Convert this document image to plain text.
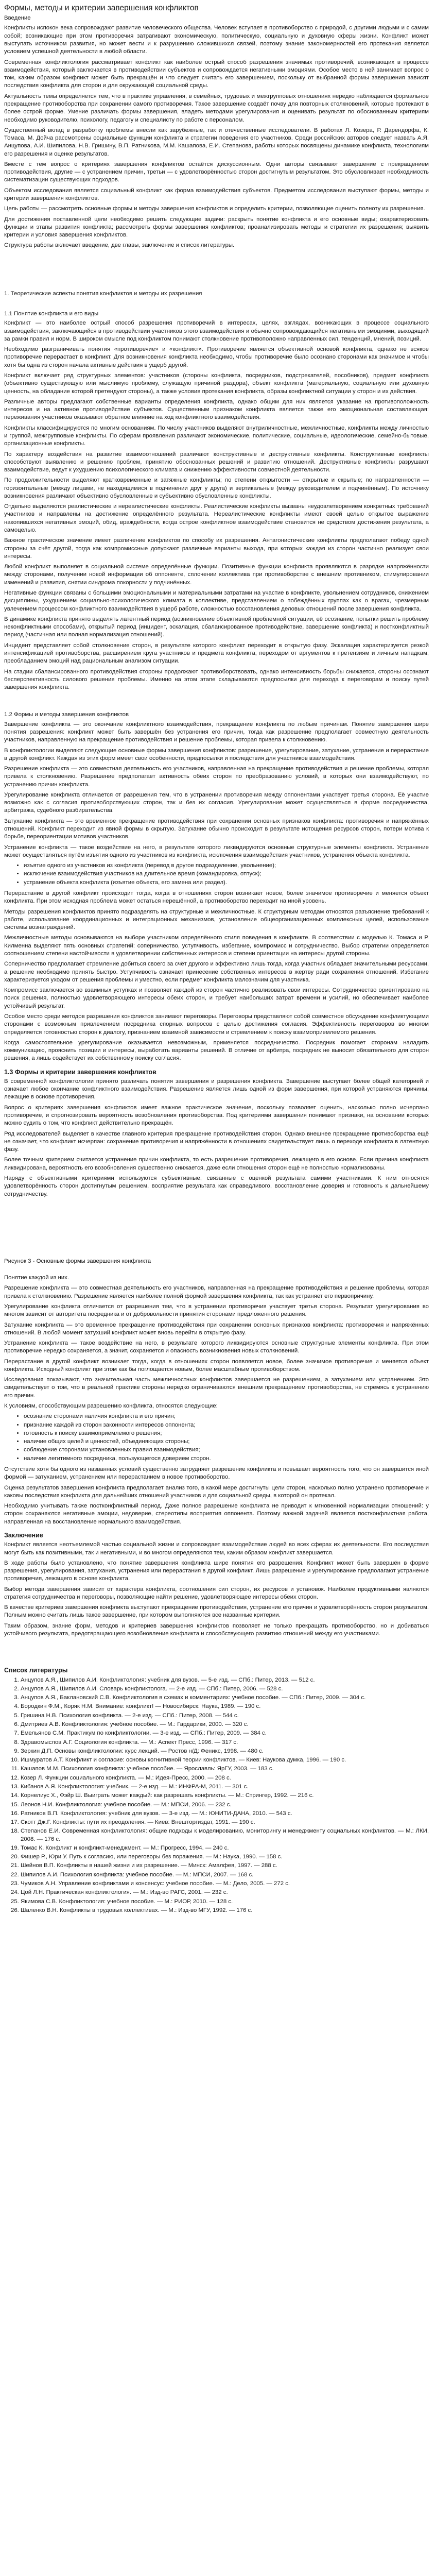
Формы, методы и критерии завершения конфликтов
Введение

Конфликты испокон века сопровождают развитие человеческого общества. Человек вступает в противоборство с природой, с другими людьми и с самим собой; возникающие при этом противоречия затрагивают экономическую, политическую, социальную и духовную сферы жизни. Конфликт может выступать источником развития, но может вести и к разрушению сложившихся связей, поэтому знание закономерностей его протекания является условием успешной деятельности в любой области.

Современная конфликтология рассматривает конфликт как наиболее острый способ разрешения значимых противоречий, возникающих в процессе взаимодействия, который заключается в противодействии субъектов и сопровождается негативными эмоциями. Особое место в ней занимает вопрос о том, каким образом конфликт может быть прекращён и что следует считать его завершением, поскольку от выбранной формы завершения зависят последствия конфликта для сторон и для окружающей социальной среды.

Актуальность темы определяется тем, что в практике управления, в семейных, трудовых и межгрупповых отношениях нередко наблюдается формальное прекращение противоборства при сохранении самого противоречия. Такое завершение создаёт почву для повторных столкновений, которые протекают в более острой форме. Умение различать формы завершения, владеть методами урегулирования и оценивать результат по обоснованным критериям необходимо руководителю, психологу, педагогу и специалисту по работе с персоналом.

Существенный вклад в разработку проблемы внесли как зарубежные, так и отечественные исследователи. В работах Л. Козера, Р. Дарендорфа, К. Томаса, М. Дойча рассмотрены социальные функции конфликта и стратегии поведения его участников. Среди российских авторов следует назвать А.Я. Анцупова, А.И. Шипилова, Н.В. Гришину, В.П. Ратникова, М.М. Кашапова, Е.И. Степанова, работы которых посвящены динамике конфликта, технологиям его разрешения и оценке результатов.

Вместе с тем вопрос о критериях завершения конфликтов остаётся дискуссионным. Одни авторы связывают завершение с прекращением противодействия, другие — с устранением причин, третьи — с удовлетворённостью сторон достигнутым результатом. Это обусловливает необходимость систематизации существующих подходов.

Объектом исследования является социальный конфликт как форма взаимодействия субъектов. Предметом исследования выступают формы, методы и критерии завершения конфликтов.

Цель работы — рассмотреть основные формы и методы завершения конфликтов и определить критерии, позволяющие оценить полноту их разрешения.

Для достижения поставленной цели необходимо решить следующие задачи: раскрыть понятие конфликта и его основные виды; охарактеризовать функции и этапы развития конфликта; рассмотреть формы завершения конфликтов; проанализировать методы и стратегии их разрешения; выявить критерии и условия завершения конфликтов.

Структура работы включает введение, две главы, заключение и список литературы.

1. Теоретические аспекты понятия конфликтов и методы их разрешения
1.1 Понятие конфликта и его виды

Конфликт — это наиболее острый способ разрешения противоречий в интересах, целях, взглядах, возникающих в процессе социального взаимодействия, заключающийся в противодействии участников этого взаимодействия и обычно сопровождающийся негативными эмоциями, выходящий за рамки правил и норм. В широком смысле под конфликтом понимают столкновение противоположно направленных сил, тенденций, мнений, позиций.

Необходимо разграничивать понятия «противоречие» и «конфликт». Противоречие является объективной основой конфликта, однако не всякое противоречие перерастает в конфликт. Для возникновения конфликта необходимо, чтобы противоречие было осознано сторонами как значимое и чтобы хотя бы одна из сторон начала активные действия в ущерб другой.

Конфликт включает ряд структурных элементов: участников (стороны конфликта, посредников, подстрекателей, пособников), предмет конфликта (объективно существующую или мыслимую проблему, служащую причиной раздора), объект конфликта (материальную, социальную или духовную ценность, на обладание которой претендуют стороны), а также условия протекания конфликта, образы конфликтной ситуации у сторон и их действия.

Различные авторы предлагают собственные варианты определения конфликта, однако общим для них является указание на противоположность интересов и на активное противодействие субъектов. Существенным признаком конфликта является также его эмоциональная составляющая: переживания участников оказывают обратное влияние на ход конфликтного взаимодействия.

Конфликты классифицируются по многим основаниям. По числу участников выделяют внутриличностные, межличностные, конфликты между личностью и группой, межгрупповые конфликты. По сферам проявления различают экономические, политические, социальные, идеологические, семейно-бытовые, организационные конфликты.

По характеру воздействия на развитие взаимоотношений различают конструктивные и деструктивные конфликты. Конструктивные конфликты способствуют выявлению и решению проблем, принятию обоснованных решений и развитию отношений. Деструктивные конфликты разрушают взаимодействие, ведут к ухудшению психологического климата и снижению эффективности совместной деятельности.

По продолжительности выделяют кратковременные и затяжные конфликты; по степени открытости — открытые и скрытые; по направленности — горизонтальные (между лицами, не находящимися в подчинении друг у друга) и вертикальные (между руководителем и подчинённым). По источнику возникновения различают объективно обусловленные и субъективно обусловленные конфликты.

Отдельно выделяются реалистические и нереалистические конфликты. Реалистические конфликты вызваны неудовлетворением конкретных требований участников и направлены на достижение определённого результата. Нереалистические конфликты имеют своей целью открытое выражение накопившихся негативных эмоций, обид, враждебности, когда острое конфликтное взаимодействие становится не средством достижения результата, а самоцелью.

Важное практическое значение имеет различение конфликтов по способу их разрешения. Антагонистические конфликты предполагают победу одной стороны за счёт другой, тогда как компромиссные допускают различные варианты выхода, при которых каждая из сторон частично реализует свои интересы.

Любой конфликт выполняет в социальной системе определённые функции. Позитивные функции конфликта проявляются в разрядке напряжённости между сторонами, получении новой информации об оппоненте, сплочении коллектива при противоборстве с внешним противником, стимулировании изменений и развития, снятии синдрома покорности у подчинённых.

Негативные функции связаны с большими эмоциональными и материальными затратами на участие в конфликте, увольнением сотрудников, снижением дисциплины, ухудшением социально-психологического климата в коллективе, представлением о побеждённых группах как о врагах, чрезмерным увлечением процессом конфликтного взаимодействия в ущерб работе, сложностью восстановления деловых отношений после завершения конфликта.

В динамике конфликта принято выделять латентный период (возникновение объективной проблемной ситуации, её осознание, попытки решить проблему неконфликтными способами), открытый период (инцидент, эскалация, сбалансированное противодействие, завершение конфликта) и постконфликтный период (частичная или полная нормализация отношений).

Инцидент представляет собой столкновение сторон, в результате которого конфликт переходит в открытую фазу. Эскалация характеризуется резкой интенсификацией противоборства, расширением круга участников и предмета конфликта, переходом от аргументов к претензиям и личным нападкам, преобладанием эмоций над рациональным анализом ситуации.

На стадии сбалансированного противодействия стороны продолжают противоборствовать, однако интенсивность борьбы снижается, стороны осознают бесперспективность силового решения проблемы. Именно на этом этапе складываются предпосылки для перехода к переговорам и поиску путей завершения конфликта.

1.2 Формы и методы завершения конфликтов

Завершение конфликта — это окончание конфликтного взаимодействия, прекращение конфликта по любым причинам. Понятие завершения шире понятия разрешения: конфликт может быть завершён без устранения его причин, тогда как разрешение предполагает совместную деятельность участников, направленную на прекращение противодействия и решение проблемы, которая привела к столкновению.

В конфликтологии выделяют следующие основные формы завершения конфликтов: разрешение, урегулирование, затухание, устранение и перерастание в другой конфликт. Каждая из этих форм имеет свои особенности, предпосылки и последствия для участников взаимодействия.

Разрешение конфликта — это совместная деятельность его участников, направленная на прекращение противодействия и решение проблемы, которая привела к столкновению. Разрешение предполагает активность обеих сторон по преобразованию условий, в которых они взаимодействуют, по устранению причин конфликта.

Урегулирование конфликта отличается от разрешения тем, что в устранении противоречия между оппонентами участвует третья сторона. Её участие возможно как с согласия противоборствующих сторон, так и без их согласия. Урегулирование может осуществляться в форме посредничества, арбитража, судебного разбирательства.

Затухание конфликта — это временное прекращение противодействия при сохранении основных признаков конфликта: противоречия и напряжённых отношений. Конфликт переходит из явной формы в скрытую. Затухание обычно происходит в результате истощения ресурсов сторон, потери мотива к борьбе, переориентации мотивов участников.

Устранение конфликта — такое воздействие на него, в результате которого ликвидируются основные структурные элементы конфликта. Устранение может осуществляться путём изъятия одного из участников из конфликта, исключения взаимодействия участников, устранения объекта конфликта.

• изъятие одного из участников из конфликта (перевод в другое подразделение, увольнение);
• исключение взаимодействия участников на длительное время (командировка, отпуск);
• устранение объекта конфликта (изъятие объекта, его замена или раздел).

Перерастание в другой конфликт происходит тогда, когда в отношениях сторон возникает новое, более значимое противоречие и меняется объект конфликта. При этом исходная проблема может остаться нерешённой, а противоборство переходит на иной уровень.

Методы разрешения конфликтов принято подразделять на структурные и межличностные. К структурным методам относятся разъяснение требований к работе, использование координационных и интеграционных механизмов, установление общеорганизационных комплексных целей, использование системы вознаграждений.

Межличностные методы основываются на выборе участником определённого стиля поведения в конфликте. В соответствии с моделью К. Томаса и Р. Килменна выделяют пять основных стратегий: соперничество, уступчивость, избегание, компромисс и сотрудничество. Выбор стратегии определяется соотношением степени настойчивости в удовлетворении собственных интересов и степени ориентации на интересы другой стороны.

Соперничество предполагает стремление добиться своего за счёт другого и эффективно лишь тогда, когда участник обладает значительными ресурсами, а решение необходимо принять быстро. Уступчивость означает принесение собственных интересов в жертву ради сохранения отношений. Избегание характеризуется уходом от решения проблемы и уместно, если предмет конфликта малозначим для участника.

Компромисс заключается во взаимных уступках и позволяет каждой из сторон частично реализовать свои интересы. Сотрудничество ориентировано на поиск решения, полностью удовлетворяющего интересы обеих сторон, и требует наибольших затрат времени и усилий, но обеспечивает наиболее устойчивый результат.

Особое место среди методов разрешения конфликтов занимают переговоры. Переговоры представляют собой совместное обсуждение конфликтующими сторонами с возможным привлечением посредника спорных вопросов с целью достижения согласия. Эффективность переговоров во многом определяется готовностью сторон к диалогу, признанием взаимной зависимости и стремлением к поиску взаимоприемлемого решения.

Когда самостоятельное урегулирование оказывается невозможным, применяется посредничество. Посредник помогает сторонам наладить коммуникацию, прояснить позиции и интересы, выработать варианты решений. В отличие от арбитра, посредник не выносит обязательного для сторон решения, а лишь содействует их собственному поиску согласия.

1.3 Формы и критерии завершения конфликтов

В современной конфликтологии принято различать понятия завершения и разрешения конфликта. Завершение выступает более общей категорией и означает любое окончание конфликтного взаимодействия. Разрешение является лишь одной из форм завершения, при которой устраняются причины, лежащие в основе противоречия.

Вопрос о критериях завершения конфликтов имеет важное практическое значение, поскольку позволяет оценить, насколько полно исчерпано противоречие, и спрогнозировать вероятность возобновления противоборства. Под критериями завершения понимают признаки, на основании которых можно судить о том, что конфликт действительно прекращён.

Ряд исследователей выделяет в качестве главного критерия прекращение противодействия сторон. Однако внешнее прекращение противоборства ещё не означает, что конфликт исчерпан: сохранение противоречия и напряжённости в отношениях свидетельствует лишь о переходе конфликта в латентную фазу.

Более точным критерием считается устранение причин конфликта, то есть разрешение противоречия, лежащего в его основе. Если причина конфликта ликвидирована, вероятность его возобновления существенно снижается, даже если отношения сторон ещё не полностью нормализованы.

Наряду с объективными критериями используются субъективные, связанные с оценкой результата самими участниками. К ним относятся удовлетворённость сторон достигнутым решением, восприятие результата как справедливого, восстановление доверия и готовность к дальнейшему сотрудничеству.

Рисунок 3 - Основные формы завершения конфликта

Понятие каждой из них.

Разрешение конфликта — это совместная деятельность его участников, направленная на прекращение противодействия и решение проблемы, которая привела к столкновению. Разрешение является наиболее полной формой завершения конфликта, так как устраняет его первопричину.

Урегулирование конфликта отличается от разрешения тем, что в устранении противоречия участвует третья сторона. Результат урегулирования во многом зависит от авторитета посредника и от добровольности принятия сторонами предложенного решения.

Затухание конфликта — это временное прекращение противодействия при сохранении основных признаков конфликта: противоречия и напряжённых отношений. В любой момент затухший конфликт может вновь перейти в открытую фазу.

Устранение конфликта — такое воздействие на него, в результате которого ликвидируются основные структурные элементы конфликта. При этом противоречие нередко сохраняется, а значит, сохраняется и опасность возникновения новых столкновений.

Перерастание в другой конфликт возникает тогда, когда в отношениях сторон появляется новое, более значимое противоречие и меняется объект конфликта. Исходный конфликт при этом как бы поглощается новым, более масштабным противоборством.

Исследования показывают, что значительная часть межличностных конфликтов завершается не разрешением, а затуханием или устранением. Это свидетельствует о том, что в реальной практике стороны нередко ограничиваются внешним прекращением противоборства, не стремясь к устранению его причин.

К условиям, способствующим разрешению конфликта, относятся следующие:

• осознание сторонами наличия конфликта и его причин;
• признание каждой из сторон законности интересов оппонента;
• готовность к поиску взаимоприемлемого решения;
• наличие общих целей и ценностей, объединяющих стороны;
• соблюдение сторонами установленных правил взаимодействия;
• наличие легитимного посредника, пользующегося доверием сторон.

Отсутствие хотя бы одного из названных условий существенно затрудняет разрешение конфликта и повышает вероятность того, что он завершится иной формой — затуханием, устранением или перерастанием в новое противоборство.

Оценка результатов завершения конфликта предполагает анализ того, в какой мере достигнуты цели сторон, насколько полно устранено противоречие и каковы последствия конфликта для дальнейших отношений участников и для социальной среды, в которой он протекал.

Необходимо учитывать также постконфликтный период. Даже полное разрешение конфликта не приводит к мгновенной нормализации отношений: у сторон сохраняются негативные эмоции, недоверие, стереотипы восприятия оппонента. Поэтому важной задачей является постконфликтная работа, направленная на восстановление нормального взаимодействия.

Заключение

Конфликт является неотъемлемой частью социальной жизни и сопровождает взаимодействие людей во всех сферах их деятельности. Его последствия могут быть как позитивными, так и негативными, и во многом определяются тем, каким образом конфликт завершается.

В ходе работы было установлено, что понятие завершения конфликта шире понятия его разрешения. Конфликт может быть завершён в форме разрешения, урегулирования, затухания, устранения или перерастания в другой конфликт. Лишь разрешение и урегулирование предполагают устранение противоречия, лежащего в основе конфликта.

Выбор метода завершения зависит от характера конфликта, соотношения сил сторон, их ресурсов и установок. Наиболее продуктивными являются стратегия сотрудничества и переговоры, позволяющие найти решение, удовлетворяющее интересы обеих сторон.

В качестве критериев завершения конфликта выступают прекращение противодействия, устранение его причин и удовлетворённость сторон результатом. Полным можно считать лишь такое завершение, при котором выполняются все названные критерии.

Таким образом, знание форм, методов и критериев завершения конфликтов позволяет не только прекращать противоборство, но и добиваться устойчивого результата, предотвращающего возобновление конфликта и способствующего развитию отношений между его участниками.

Список литературы
1. Анцупов А.Я., Шипилов А.И. Конфликтология: учебник для вузов. — 5-е изд. — СПб.: Питер, 2013. — 512 с.
2. Анцупов А.Я., Шипилов А.И. Словарь конфликтолога. — 2-е изд. — СПб.: Питер, 2006. — 528 с.
3. Анцупов А.Я., Баклановский С.В. Конфликтология в схемах и комментариях: учебное пособие. — СПб.: Питер, 2009. — 304 с.
4. Бородкин Ф.М., Коряк Н.М. Внимание: конфликт! — Новосибирск: Наука, 1989. — 190 с.
5. Гришина Н.В. Психология конфликта. — 2-е изд. — СПб.: Питер, 2008. — 544 с.
6. Дмитриев А.В. Конфликтология: учебное пособие. — М.: Гардарики, 2000. — 320 с.
7. Емельянов С.М. Практикум по конфликтологии. — 3-е изд. — СПб.: Питер, 2009. — 384 с.
8. Здравомыслов А.Г. Социология конфликта. — М.: Аспект Пресс, 1996. — 317 с.
9. Зеркин Д.П. Основы конфликтологии: курс лекций. — Ростов н/Д: Феникс, 1998. — 480 с.
10. Ишмуратов А.Т. Конфликт и согласие: основы когнитивной теории конфликтов. — Киев: Наукова думка, 1996. — 190 с.
11. Кашапов М.М. Психология конфликта: учебное пособие. — Ярославль: ЯрГУ, 2003. — 183 с.
12. Козер Л. Функции социального конфликта. — М.: Идея-Пресс, 2000. — 208 с.
13. Кибанов А.Я. Конфликтология: учебник. — 2-е изд. — М.: ИНФРА-М, 2011. — 301 с.
14. Корнелиус Х., Фэйр Ш. Выиграть может каждый: как разрешать конфликты. — М.: Стрингер, 1992. — 216 с.
15. Леонов Н.И. Конфликтология: учебное пособие. — М.: МПСИ, 2006. — 232 с.
16. Ратников В.П. Конфликтология: учебник для вузов. — 3-е изд. — М.: ЮНИТИ-ДАНА, 2010. — 543 с.
17. Скотт Дж.Г. Конфликты: пути их преодоления. — Киев: Внешторгиздат, 1991. — 190 с.
18. Степанов Е.И. Современная конфликтология: общие подходы к моделированию, мониторингу и менеджменту социальных конфликтов. — М.: ЛКИ, 2008. — 176 с.
19. Томас К. Конфликт и конфликт-менеджмент. — М.: Прогресс, 1994. — 240 с.
20. Фишер Р., Юри У. Путь к согласию, или переговоры без поражения. — М.: Наука, 1990. — 158 с.
21. Шейнов В.П. Конфликты в нашей жизни и их разрешение. — Минск: Амалфея, 1997. — 288 с.
22. Шипилов А.И. Психология конфликта: учебное пособие. — М.: МПСИ, 2007. — 168 с.
23. Чумиков А.Н. Управление конфликтами и консенсус: учебное пособие. — М.: Дело, 2005. — 272 с.
24. Цой Л.Н. Практическая конфликтология. — М.: Изд-во РАГС, 2001. — 232 с.
25. Якимова С.В. Конфликтология: учебное пособие. — М.: РИОР, 2010. — 128 с.
26. Шаленко В.Н. Конфликты в трудовых коллективах. — М.: Изд-во МГУ, 1992. — 176 с.
